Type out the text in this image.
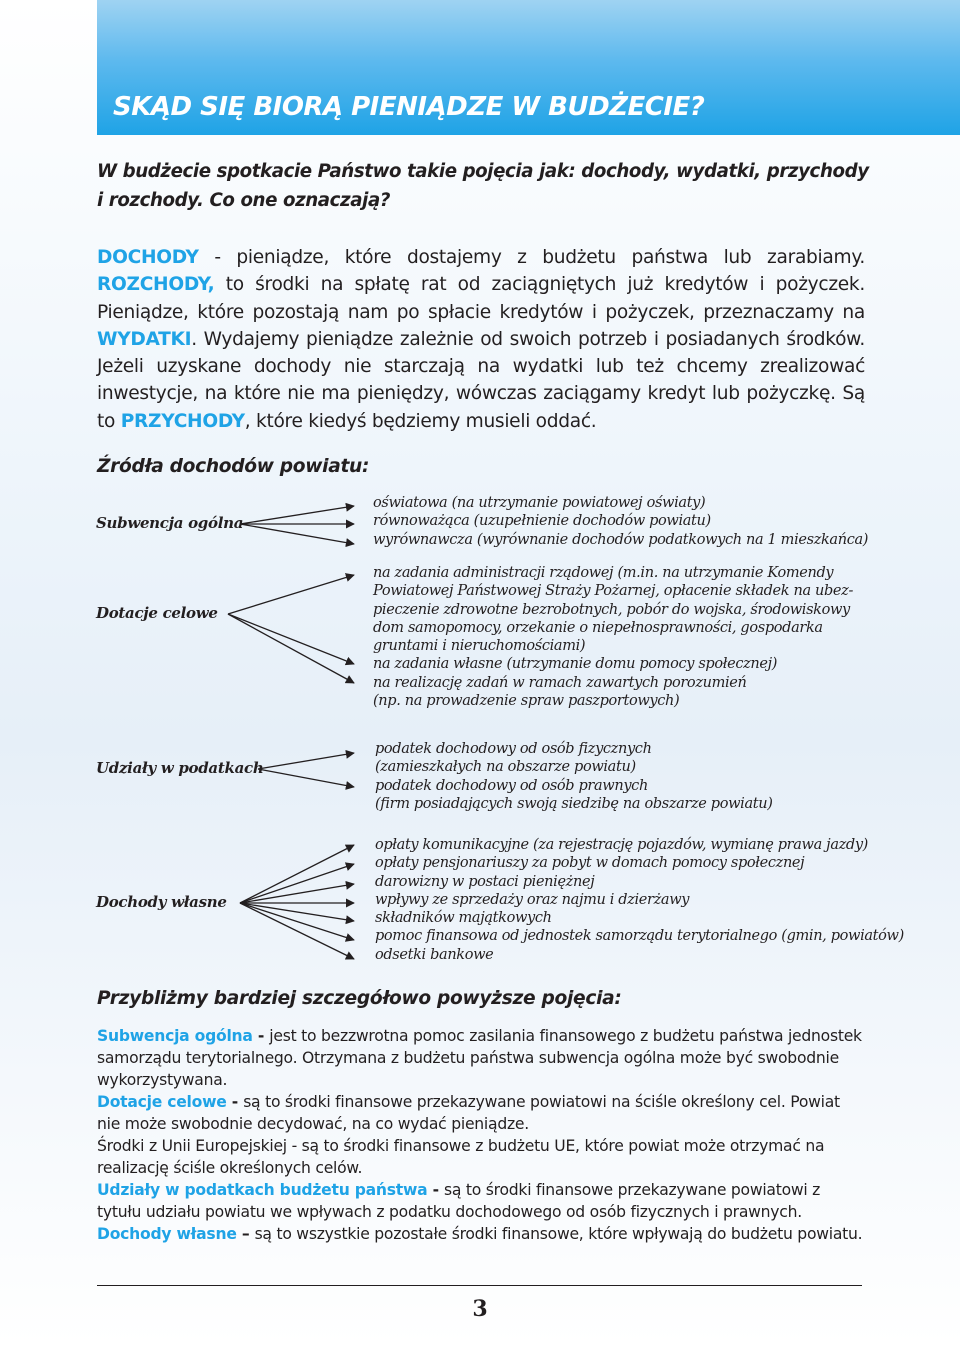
SKĄD SIĘ BIORĄ PIENIĄDZE W BUDŻECIE?

W budżecie spotkacie Państwo takie pojęcia jak: dochody, wydatki, przychody i rozchody. Co one oznaczają?

DOCHODY - pieniądze, które dostajemy z budżetu państwa lub zarabiamy. ROZCHODY, to środki na spłatę rat od zaciągniętych już kredytów i pożyczek. Pieniądze, które pozostają nam po spłacie kredytów i pożyczek, przeznaczamy na WYDATKI. Wydajemy pieniądze zależnie od swoich potrzeb i posiadanych środków. Jeżeli uzyskane dochody nie starczają na wydatki lub też chcemy zrealizować inwestycje, na które nie ma pieniędzy, wówczas zaciągamy kredyt lub pożyczkę. Są to PRZYCHODY, które kiedyś będziemy musieli oddać.

Źródła dochodów powiatu:
Subwencja ogólna
oświatowa (na utrzymanie powiatowej oświaty)
równoważąca (uzupełnienie dochodów powiatu)
wyrównawcza (wyrównanie dochodów podatkowych na 1 mieszkańca)
Dotacje celowe
na zadania administracji rządowej (m.in. na utrzymanie Komendy
Powiatowej Państwowej Straży Pożarnej, opłacenie składek na ubez-
pieczenie zdrowotne bezrobotnych, pobór do wojska, środowiskowy
dom samopomocy, orzekanie o niepełnosprawności, gospodarka
gruntami i nieruchomościami)
na zadania własne (utrzymanie domu pomocy społecznej)
na realizację zadań w ramach zawartych porozumień
(np. na prowadzenie spraw paszportowych)
Udziały w podatkach
podatek dochodowy od osób fizycznych
(zamieszkałych na obszarze powiatu)
podatek dochodowy od osób prawnych
(firm posiadających swoją siedzibę na obszarze powiatu)
Dochody własne
opłaty komunikacyjne (za rejestrację pojazdów, wymianę prawa jazdy)
opłaty pensjonariuszy za pobyt w domach pomocy społecznej
darowizny w postaci pieniężnej
wpływy ze sprzedaży oraz najmu i dzierżawy
składników majątkowych
pomoc finansowa od jednostek samorządu terytorialnego (gmin, powiatów)
odsetki bankowe
Przybliżmy bardziej szczegółowo powyższe pojęcia:

Subwencja ogólna - jest to bezzwrotna pomoc zasilania finansowego z budżetu państwa jednostek samorządu terytorialnego. Otrzymana z budżetu państwa subwencja ogólna może być swobodnie wykorzystywana.

Dotacje celowe - są to środki finansowe przekazywane powiatowi na ściśle określony cel. Powiat nie może swobodnie decydować, na co wydać pieniądze.

Środki z Unii Europejskiej - są to środki finansowe z budżetu UE, które powiat może otrzymać na realizację ściśle określonych celów.

Udziały w podatkach budżetu państwa - są to środki finansowe przekazywane powiatowi z tytułu udziału powiatu we wpływach z podatku dochodowego od osób fizycznych i prawnych.

Dochody własne – są to wszystkie pozostałe środki finansowe, które wpływają do budżetu powiatu.

3
